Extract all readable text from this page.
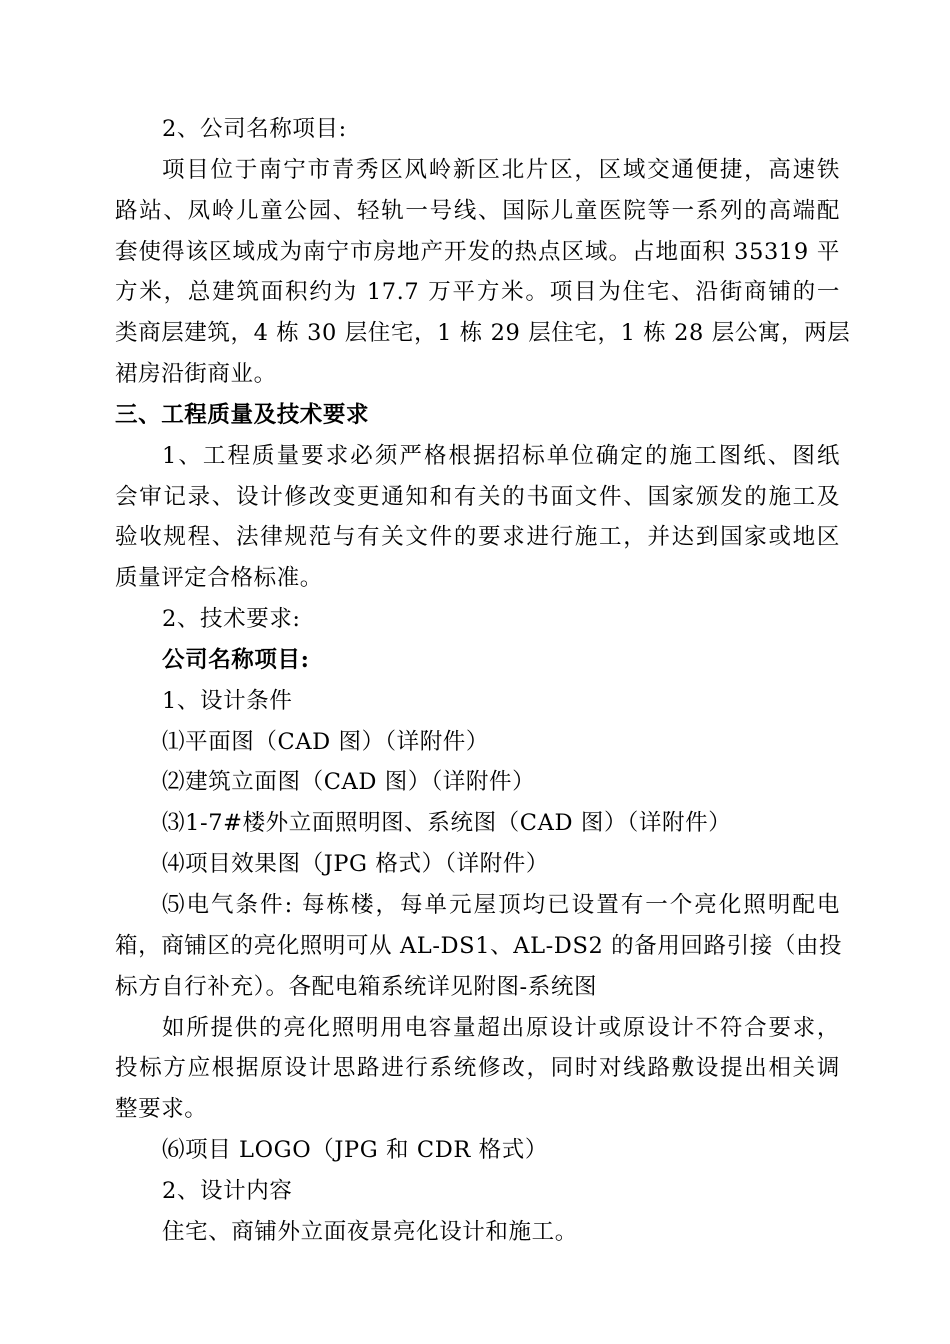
2、公司名称项目:
项目位于南宁市青秀区风岭新区北片区，区域交通便捷，高速铁
路站、凤岭儿童公园、轻轨一号线、国际儿童医院等一系列的高端配
套使得该区域成为南宁市房地产开发的热点区域。占地面积 35319 平
方米，总建筑面积约为 17.7 万平方米。项目为住宅、沿街商铺的一
类商层建筑，4 栋 30 层住宅，1 栋 29 层住宅，1 栋 28 层公寓，两层
裙房沿街商业。
三、工程质量及技术要求
1、工程质量要求必须严格根据招标单位确定的施工图纸、图纸
会审记录、设计修改变更通知和有关的书面文件、国家颁发的施工及
验收规程、法律规范与有关文件的要求进行施工，并达到国家或地区
质量评定合格标准。
2、技术要求:
公司名称项目:
1、设计条件
⑴平面图（CAD 图）（详附件）
⑵建筑立面图（CAD 图）（详附件）
⑶1-7#楼外立面照明图、系统图（CAD 图）（详附件）
⑷项目效果图（JPG 格式）（详附件）
⑸电气条件: 每栋楼，每单元屋顶均已设置有一个亮化照明配电
箱，商铺区的亮化照明可从 AL-DS1、AL-DS2 的备用回路引接（由投
标方自行补充）。各配电箱系统详见附图-系统图
如所提供的亮化照明用电容量超出原设计或原设计不符合要求，
投标方应根据原设计思路进行系统修改，同时对线路敷设提出相关调
整要求。
⑹项目 LOGO（JPG 和 CDR 格式）
2、设计内容
住宅、商铺外立面夜景亮化设计和施工。
